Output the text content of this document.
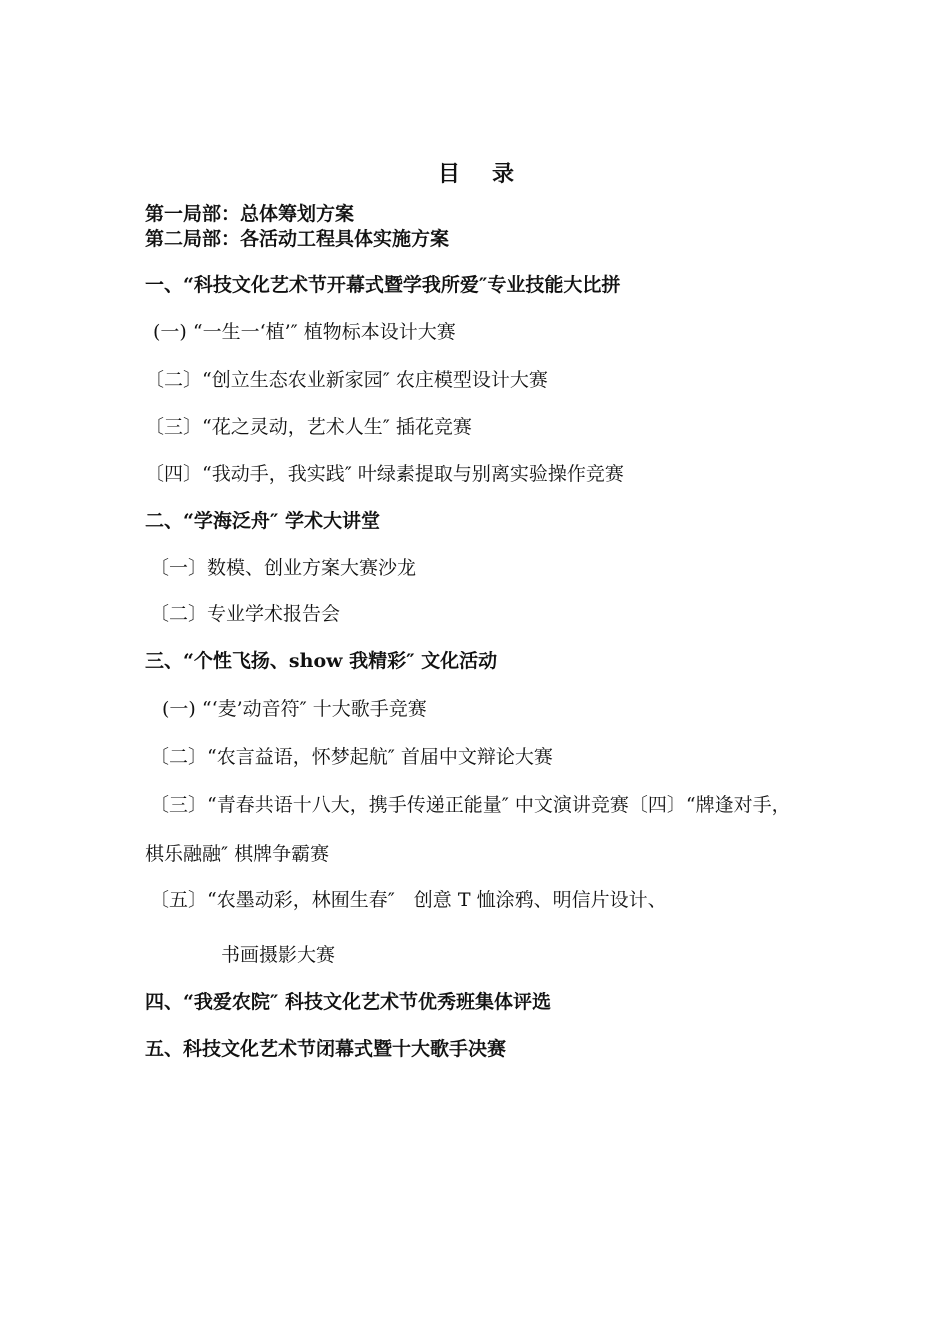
目录
第一局部：总体筹划方案
第二局部：各活动工程具体实施方案
一、“科技文化艺术节开幕式暨学我所爱″专业技能大比拼
(一) “一生一‘植’″ 植物标本设计大赛
〔二〕“创立生态农业新家园″ 农庄模型设计大赛
〔三〕“花之灵动，艺术人生″ 插花竞赛
〔四〕“我动手，我实践″ 叶绿素提取与别离实验操作竞赛
二、“学海泛舟″ 学术大讲堂
〔一〕数模、创业方案大赛沙龙
〔二〕专业学术报告会
三、“个性飞扬、show 我精彩″ 文化活动
(一) “‘麦’动音符″ 十大歌手竞赛
〔二〕“农言益语，怀梦起航″ 首届中文辩论大赛
〔三〕“青春共语十八大，携手传递正能量″ 中文演讲竞赛〔四〕“牌逢对手，
棋乐融融″ 棋牌争霸赛
〔五〕“农墨动彩，林囿生春″　创意 T 恤涂鸦、明信片设计、
书画摄影大赛
四、“我爱农院″ 科技文化艺术节优秀班集体评选
五、科技文化艺术节闭幕式暨十大歌手决赛
